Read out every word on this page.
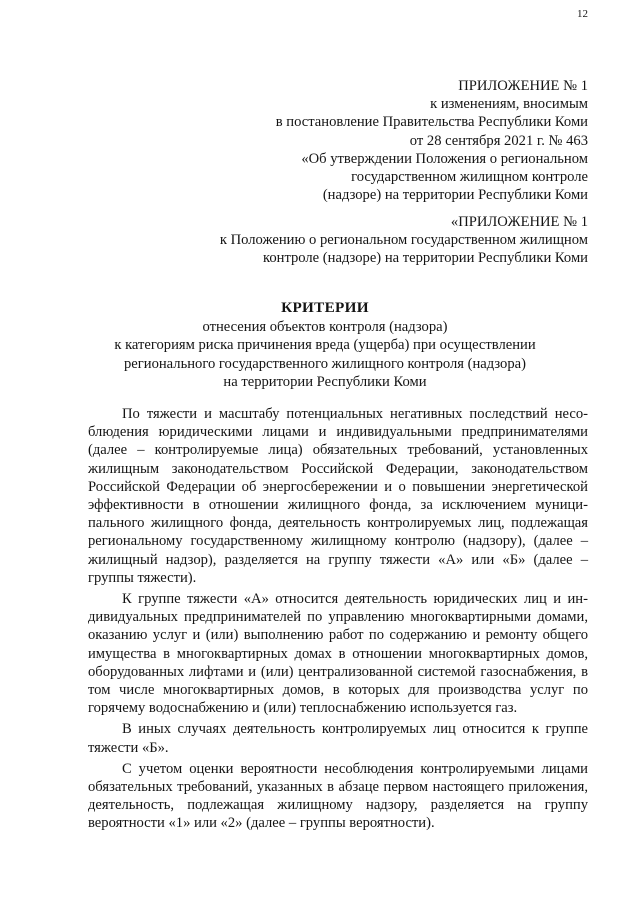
12
ПРИЛОЖЕНИЕ № 1
к изменениям, вносимым
в постановление Правительства Республики Коми
от 28 сентября 2021 г. № 463
«Об утверждении Положения о региональном
государственном жилищном контроле
(надзоре) на территории Республики Коми
«ПРИЛОЖЕНИЕ № 1
к Положению о региональном государственном жилищном
контроле (надзоре) на территории Республики Коми
КРИТЕРИИ
отнесения объектов контроля (надзора)
к категориям риска причинения вреда (ущерба) при осуществлении
регионального государственного жилищного контроля (надзора)
на территории Республики Коми

По тяжести и масштабу потенциальных негативных последствий несоблюдения юридическими лицами и индивидуальными предпринимателями (далее – контролируемые лица) обязательных требований, установленных жилищным законодательством Российской Федерации, законодательством Российской Федерации об энергосбережении и о повышении энергетической эффективности в отношении жилищного фонда, за исключением муниципального жилищного фонда, деятельность контролируемых лиц, подлежащая региональному государственному жилищному контролю (надзору), (далее – жилищный надзор), разделяется на группу тяжести «А» или «Б» (далее – группы тяжести).

К группе тяжести «А» относится деятельность юридических лиц и индивидуальных предпринимателей по управлению многоквартирными домами, оказанию услуг и (или) выполнению работ по содержанию и ремонту общего имущества в многоквартирных домах в отношении многоквартирных домов, оборудованных лифтами и (или) централизованной системой газоснабжения, в том числе многоквартирных домов, в которых для производства услуг по горячему водоснабжению и (или) теплоснабжению используется газ.

В иных случаях деятельность контролируемых лиц относится к группе тяжести «Б».

С учетом оценки вероятности несоблюдения контролируемыми лицами обязательных требований, указанных в абзаце первом настоящего приложения, деятельность, подлежащая жилищному надзору, разделяется на группу вероятности «1» или «2» (далее – группы вероятности).
